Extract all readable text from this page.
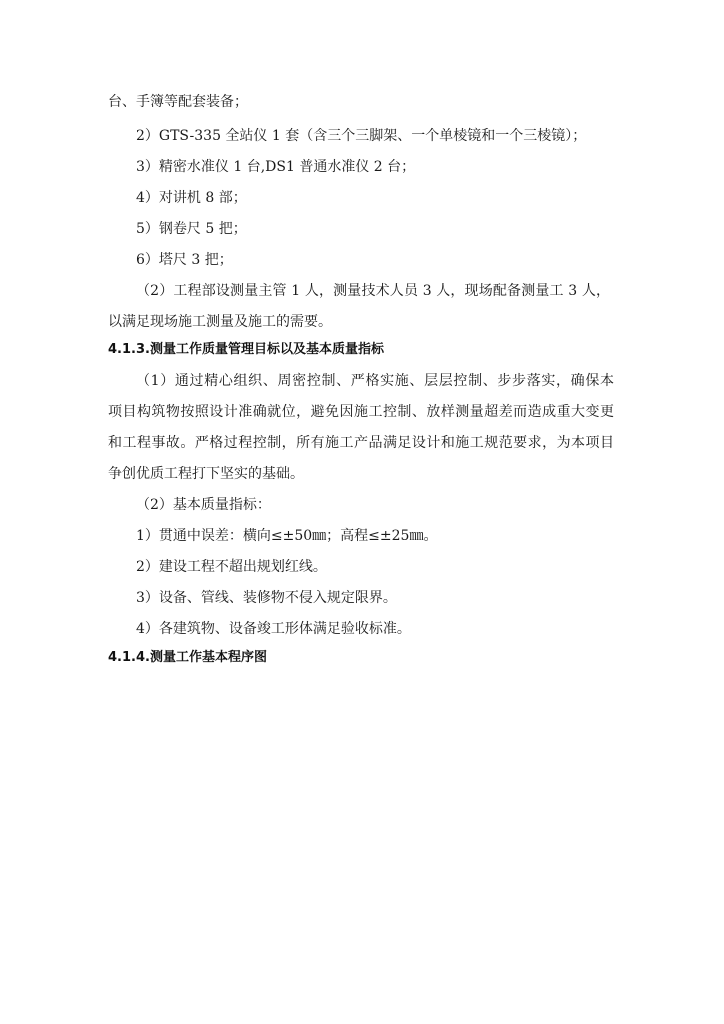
台、手簿等配套装备；
2）GTS-335 全站仪 1 套（含三个三脚架、一个单棱镜和一个三棱镜）；
3）精密水准仪 1 台,DS1 普通水准仪 2 台；
4）对讲机 8 部；
5）钢卷尺 5 把；
6）塔尺 3 把；
（2）工程部设测量主管 1 人，测量技术人员 3 人，现场配备测量工 3 人，
以满足现场施工测量及施工的需要。
4.1.3.测量工作质量管理目标以及基本质量指标
（1）通过精心组织、周密控制、严格实施、层层控制、步步落实，确保本
项目构筑物按照设计准确就位，避免因施工控制、放样测量超差而造成重大变更
和工程事故。严格过程控制，所有施工产品满足设计和施工规范要求，为本项目
争创优质工程打下坚实的基础。
（2）基本质量指标：
1）贯通中误差：横向≤±50㎜；高程≤±25㎜。
2）建设工程不超出规划红线。
3）设备、管线、装修物不侵入规定限界。
4）各建筑物、设备竣工形体满足验收标准。
4.1.4.测量工作基本程序图
